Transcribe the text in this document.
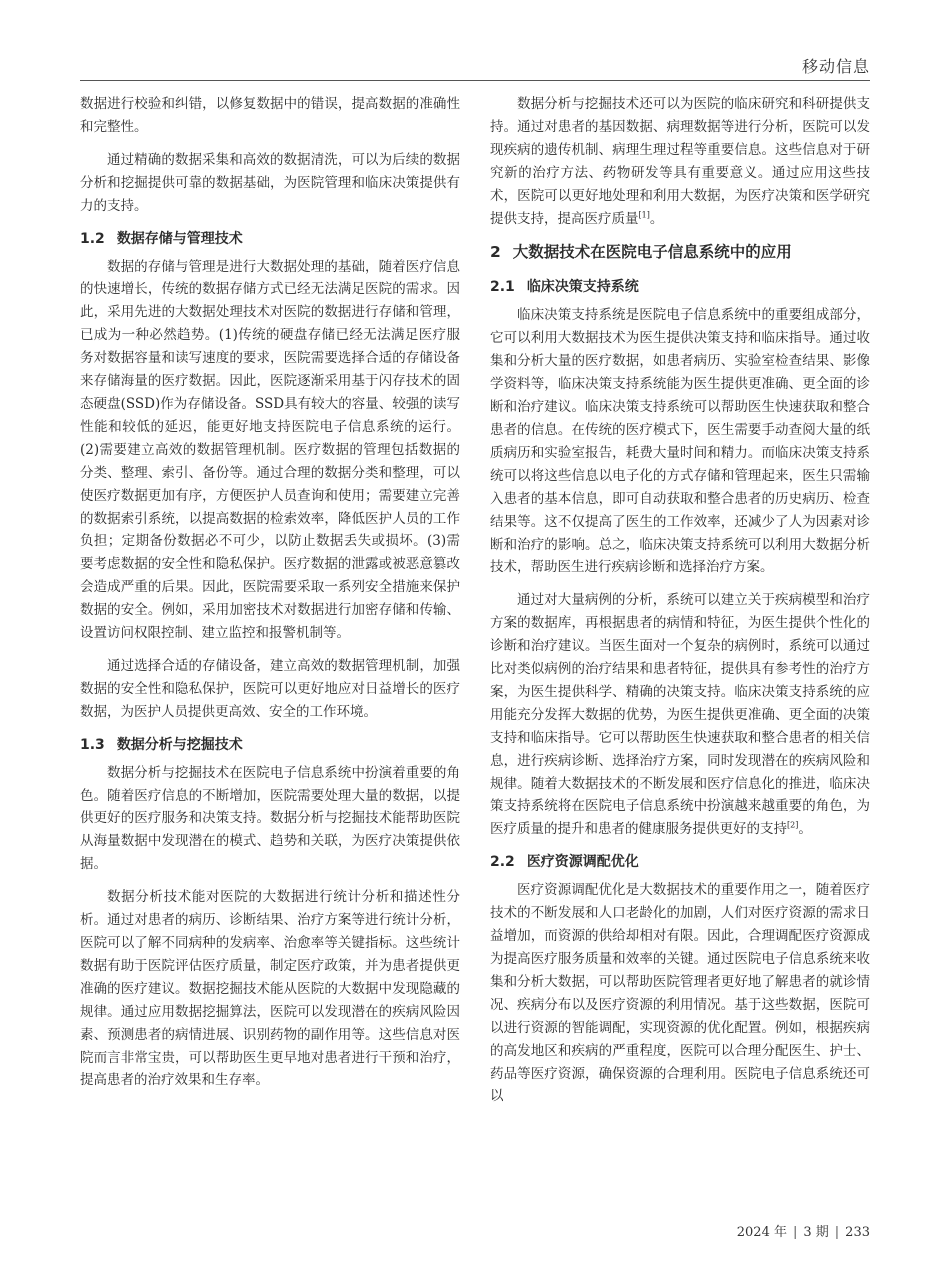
移动信息

数据进行校验和纠错，以修复数据中的错误，提高数据的准确性和完整性。

通过精确的数据采集和高效的数据清洗，可以为后续的数据分析和挖掘提供可靠的数据基础，为医院管理和临床决策提供有力的支持。

1.2 数据存储与管理技术

数据的存储与管理是进行大数据处理的基础，随着医疗信息的快速增长，传统的数据存储方式已经无法满足医院的需求。因此，采用先进的大数据处理技术对医院的数据进行存储和管理，已成为一种必然趋势。(1)传统的硬盘存储已经无法满足医疗服务对数据容量和读写速度的要求，医院需要选择合适的存储设备来存储海量的医疗数据。因此，医院逐渐采用基于闪存技术的固态硬盘(SSD)作为存储设备。SSD具有较大的容量、较强的读写性能和较低的延迟，能更好地支持医院电子信息系统的运行。(2)需要建立高效的数据管理机制。医疗数据的管理包括数据的分类、整理、索引、备份等。通过合理的数据分类和整理，可以使医疗数据更加有序，方便医护人员查询和使用；需要建立完善的数据索引系统，以提高数据的检索效率，降低医护人员的工作负担；定期备份数据必不可少，以防止数据丢失或损坏。(3)需要考虑数据的安全性和隐私保护。医疗数据的泄露或被恶意篡改会造成严重的后果。因此，医院需要采取一系列安全措施来保护数据的安全。例如，采用加密技术对数据进行加密存储和传输、设置访问权限控制、建立监控和报警机制等。

通过选择合适的存储设备，建立高效的数据管理机制，加强数据的安全性和隐私保护，医院可以更好地应对日益增长的医疗数据，为医护人员提供更高效、安全的工作环境。

1.3 数据分析与挖掘技术

数据分析与挖掘技术在医院电子信息系统中扮演着重要的角色。随着医疗信息的不断增加，医院需要处理大量的数据，以提供更好的医疗服务和决策支持。数据分析与挖掘技术能帮助医院从海量数据中发现潜在的模式、趋势和关联，为医疗决策提供依据。

数据分析技术能对医院的大数据进行统计分析和描述性分析。通过对患者的病历、诊断结果、治疗方案等进行统计分析，医院可以了解不同病种的发病率、治愈率等关键指标。这些统计数据有助于医院评估医疗质量，制定医疗政策，并为患者提供更准确的医疗建议。数据挖掘技术能从医院的大数据中发现隐藏的规律。通过应用数据挖掘算法，医院可以发现潜在的疾病风险因素、预测患者的病情进展、识别药物的副作用等。这些信息对医院而言非常宝贵，可以帮助医生更早地对患者进行干预和治疗，提高患者的治疗效果和生存率。

数据分析与挖掘技术还可以为医院的临床研究和科研提供支持。通过对患者的基因数据、病理数据等进行分析，医院可以发现疾病的遗传机制、病理生理过程等重要信息。这些信息对于研究新的治疗方法、药物研发等具有重要意义。通过应用这些技术，医院可以更好地处理和利用大数据，为医疗决策和医学研究提供支持，提高医疗质量[1]。

2 大数据技术在医院电子信息系统中的应用
2.1 临床决策支持系统

临床决策支持系统是医院电子信息系统中的重要组成部分，它可以利用大数据技术为医生提供决策支持和临床指导。通过收集和分析大量的医疗数据，如患者病历、实验室检查结果、影像学资料等，临床决策支持系统能为医生提供更准确、更全面的诊断和治疗建议。临床决策支持系统可以帮助医生快速获取和整合患者的信息。在传统的医疗模式下，医生需要手动查阅大量的纸质病历和实验室报告，耗费大量时间和精力。而临床决策支持系统可以将这些信息以电子化的方式存储和管理起来，医生只需输入患者的基本信息，即可自动获取和整合患者的历史病历、检查结果等。这不仅提高了医生的工作效率，还减少了人为因素对诊断和治疗的影响。总之，临床决策支持系统可以利用大数据分析技术，帮助医生进行疾病诊断和选择治疗方案。

通过对大量病例的分析，系统可以建立关于疾病模型和治疗方案的数据库，再根据患者的病情和特征，为医生提供个性化的诊断和治疗建议。当医生面对一个复杂的病例时，系统可以通过比对类似病例的治疗结果和患者特征，提供具有参考性的治疗方案，为医生提供科学、精确的决策支持。临床决策支持系统的应用能充分发挥大数据的优势，为医生提供更准确、更全面的决策支持和临床指导。它可以帮助医生快速获取和整合患者的相关信息，进行疾病诊断、选择治疗方案，同时发现潜在的疾病风险和规律。随着大数据技术的不断发展和医疗信息化的推进，临床决策支持系统将在医院电子信息系统中扮演越来越重要的角色，为医疗质量的提升和患者的健康服务提供更好的支持[2]。

2.2 医疗资源调配优化

医疗资源调配优化是大数据技术的重要作用之一，随着医疗技术的不断发展和人口老龄化的加剧，人们对医疗资源的需求日益增加，而资源的供给却相对有限。因此，合理调配医疗资源成为提高医疗服务质量和效率的关键。通过医院电子信息系统来收集和分析大数据，可以帮助医院管理者更好地了解患者的就诊情况、疾病分布以及医疗资源的利用情况。基于这些数据，医院可以进行资源的智能调配，实现资源的优化配置。例如，根据疾病的高发地区和疾病的严重程度，医院可以合理分配医生、护士、药品等医疗资源，确保资源的合理利用。医院电子信息系统还可以

2024 年 | 3 期 | 233
